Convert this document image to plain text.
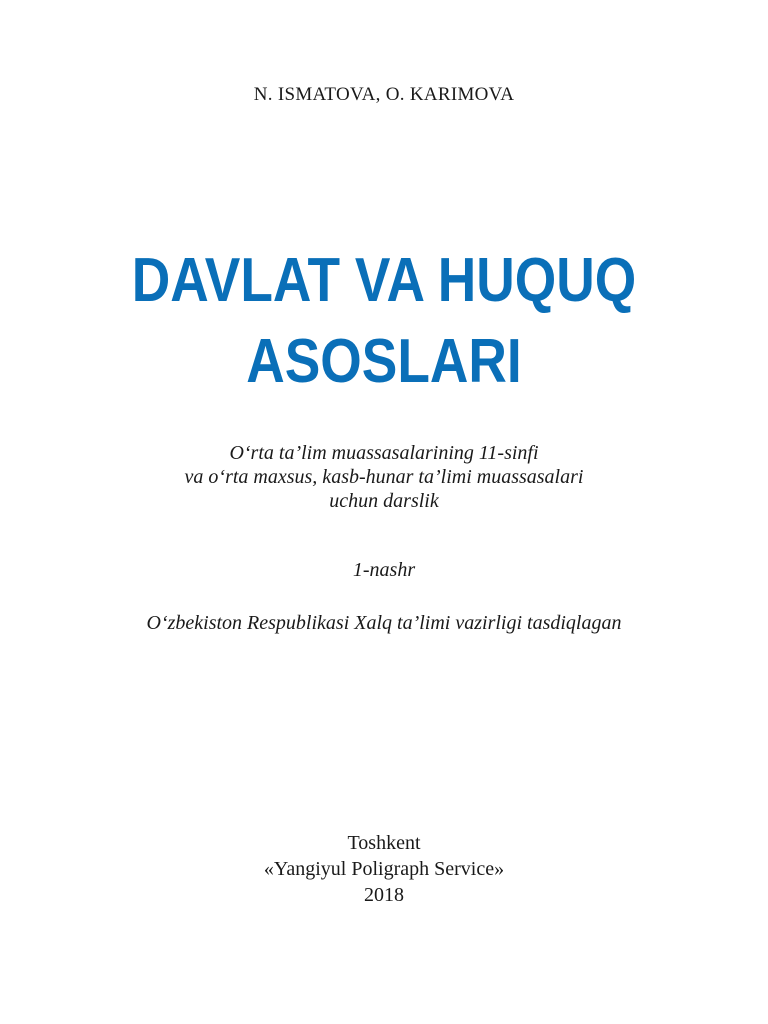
N. ISMATOVA, O. KARIMOVA
DAVLAT VA HUQUQ
ASOSLARI
O‘rta ta’lim muassasalarining 11-sinfi
va o‘rta maxsus, kasb-hunar ta’limi muassasalari
uchun darslik
1-nashr
O‘zbekiston Respublikasi Xalq ta’limi vazirligi tasdiqlagan
Toshkent
«Yangiyul Poligraph Service»
2018
